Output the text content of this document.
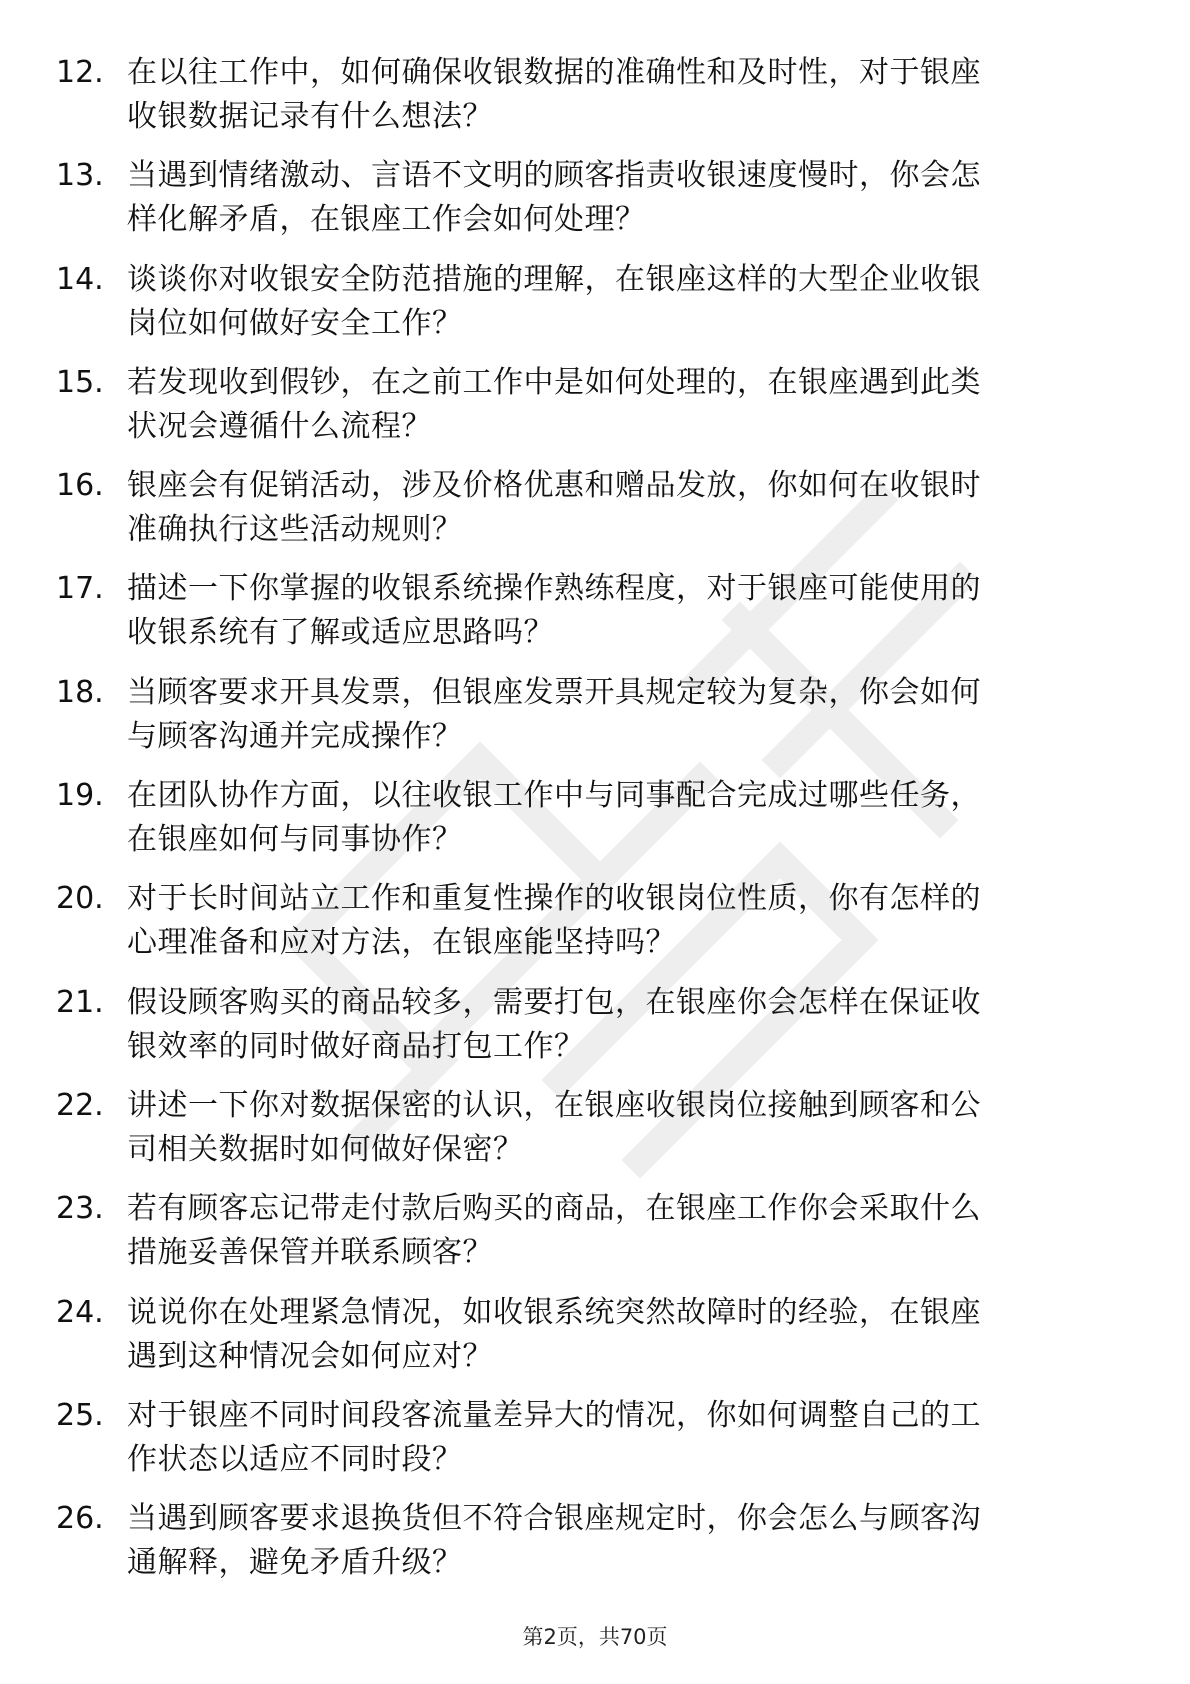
12. 在以往工作中，如何确保收银数据的准确性和及时性，对于银座
收银数据记录有什么想法？
13. 当遇到情绪激动、言语不文明的顾客指责收银速度慢时，你会怎
样化解矛盾，在银座工作会如何处理？
14. 谈谈你对收银安全防范措施的理解，在银座这样的大型企业收银
岗位如何做好安全工作？
15. 若发现收到假钞，在之前工作中是如何处理的，在银座遇到此类
状况会遵循什么流程？
16. 银座会有促销活动，涉及价格优惠和赠品发放，你如何在收银时
准确执行这些活动规则？
17. 描述一下你掌握的收银系统操作熟练程度，对于银座可能使用的
收银系统有了解或适应思路吗？
18. 当顾客要求开具发票，但银座发票开具规定较为复杂，你会如何
与顾客沟通并完成操作？
19. 在团队协作方面，以往收银工作中与同事配合完成过哪些任务，
在银座如何与同事协作？
20. 对于长时间站立工作和重复性操作的收银岗位性质，你有怎样的
心理准备和应对方法，在银座能坚持吗？
21. 假设顾客购买的商品较多，需要打包，在银座你会怎样在保证收
银效率的同时做好商品打包工作？
22. 讲述一下你对数据保密的认识，在银座收银岗位接触到顾客和公
司相关数据时如何做好保密？
23. 若有顾客忘记带走付款后购买的商品，在银座工作你会采取什么
措施妥善保管并联系顾客？
24. 说说你在处理紧急情况，如收银系统突然故障时的经验，在银座
遇到这种情况会如何应对？
25. 对于银座不同时间段客流量差异大的情况，你如何调整自己的工
作状态以适应不同时段？
26. 当遇到顾客要求退换货但不符合银座规定时，你会怎么与顾客沟
通解释，避免矛盾升级？
第2页，共70页
